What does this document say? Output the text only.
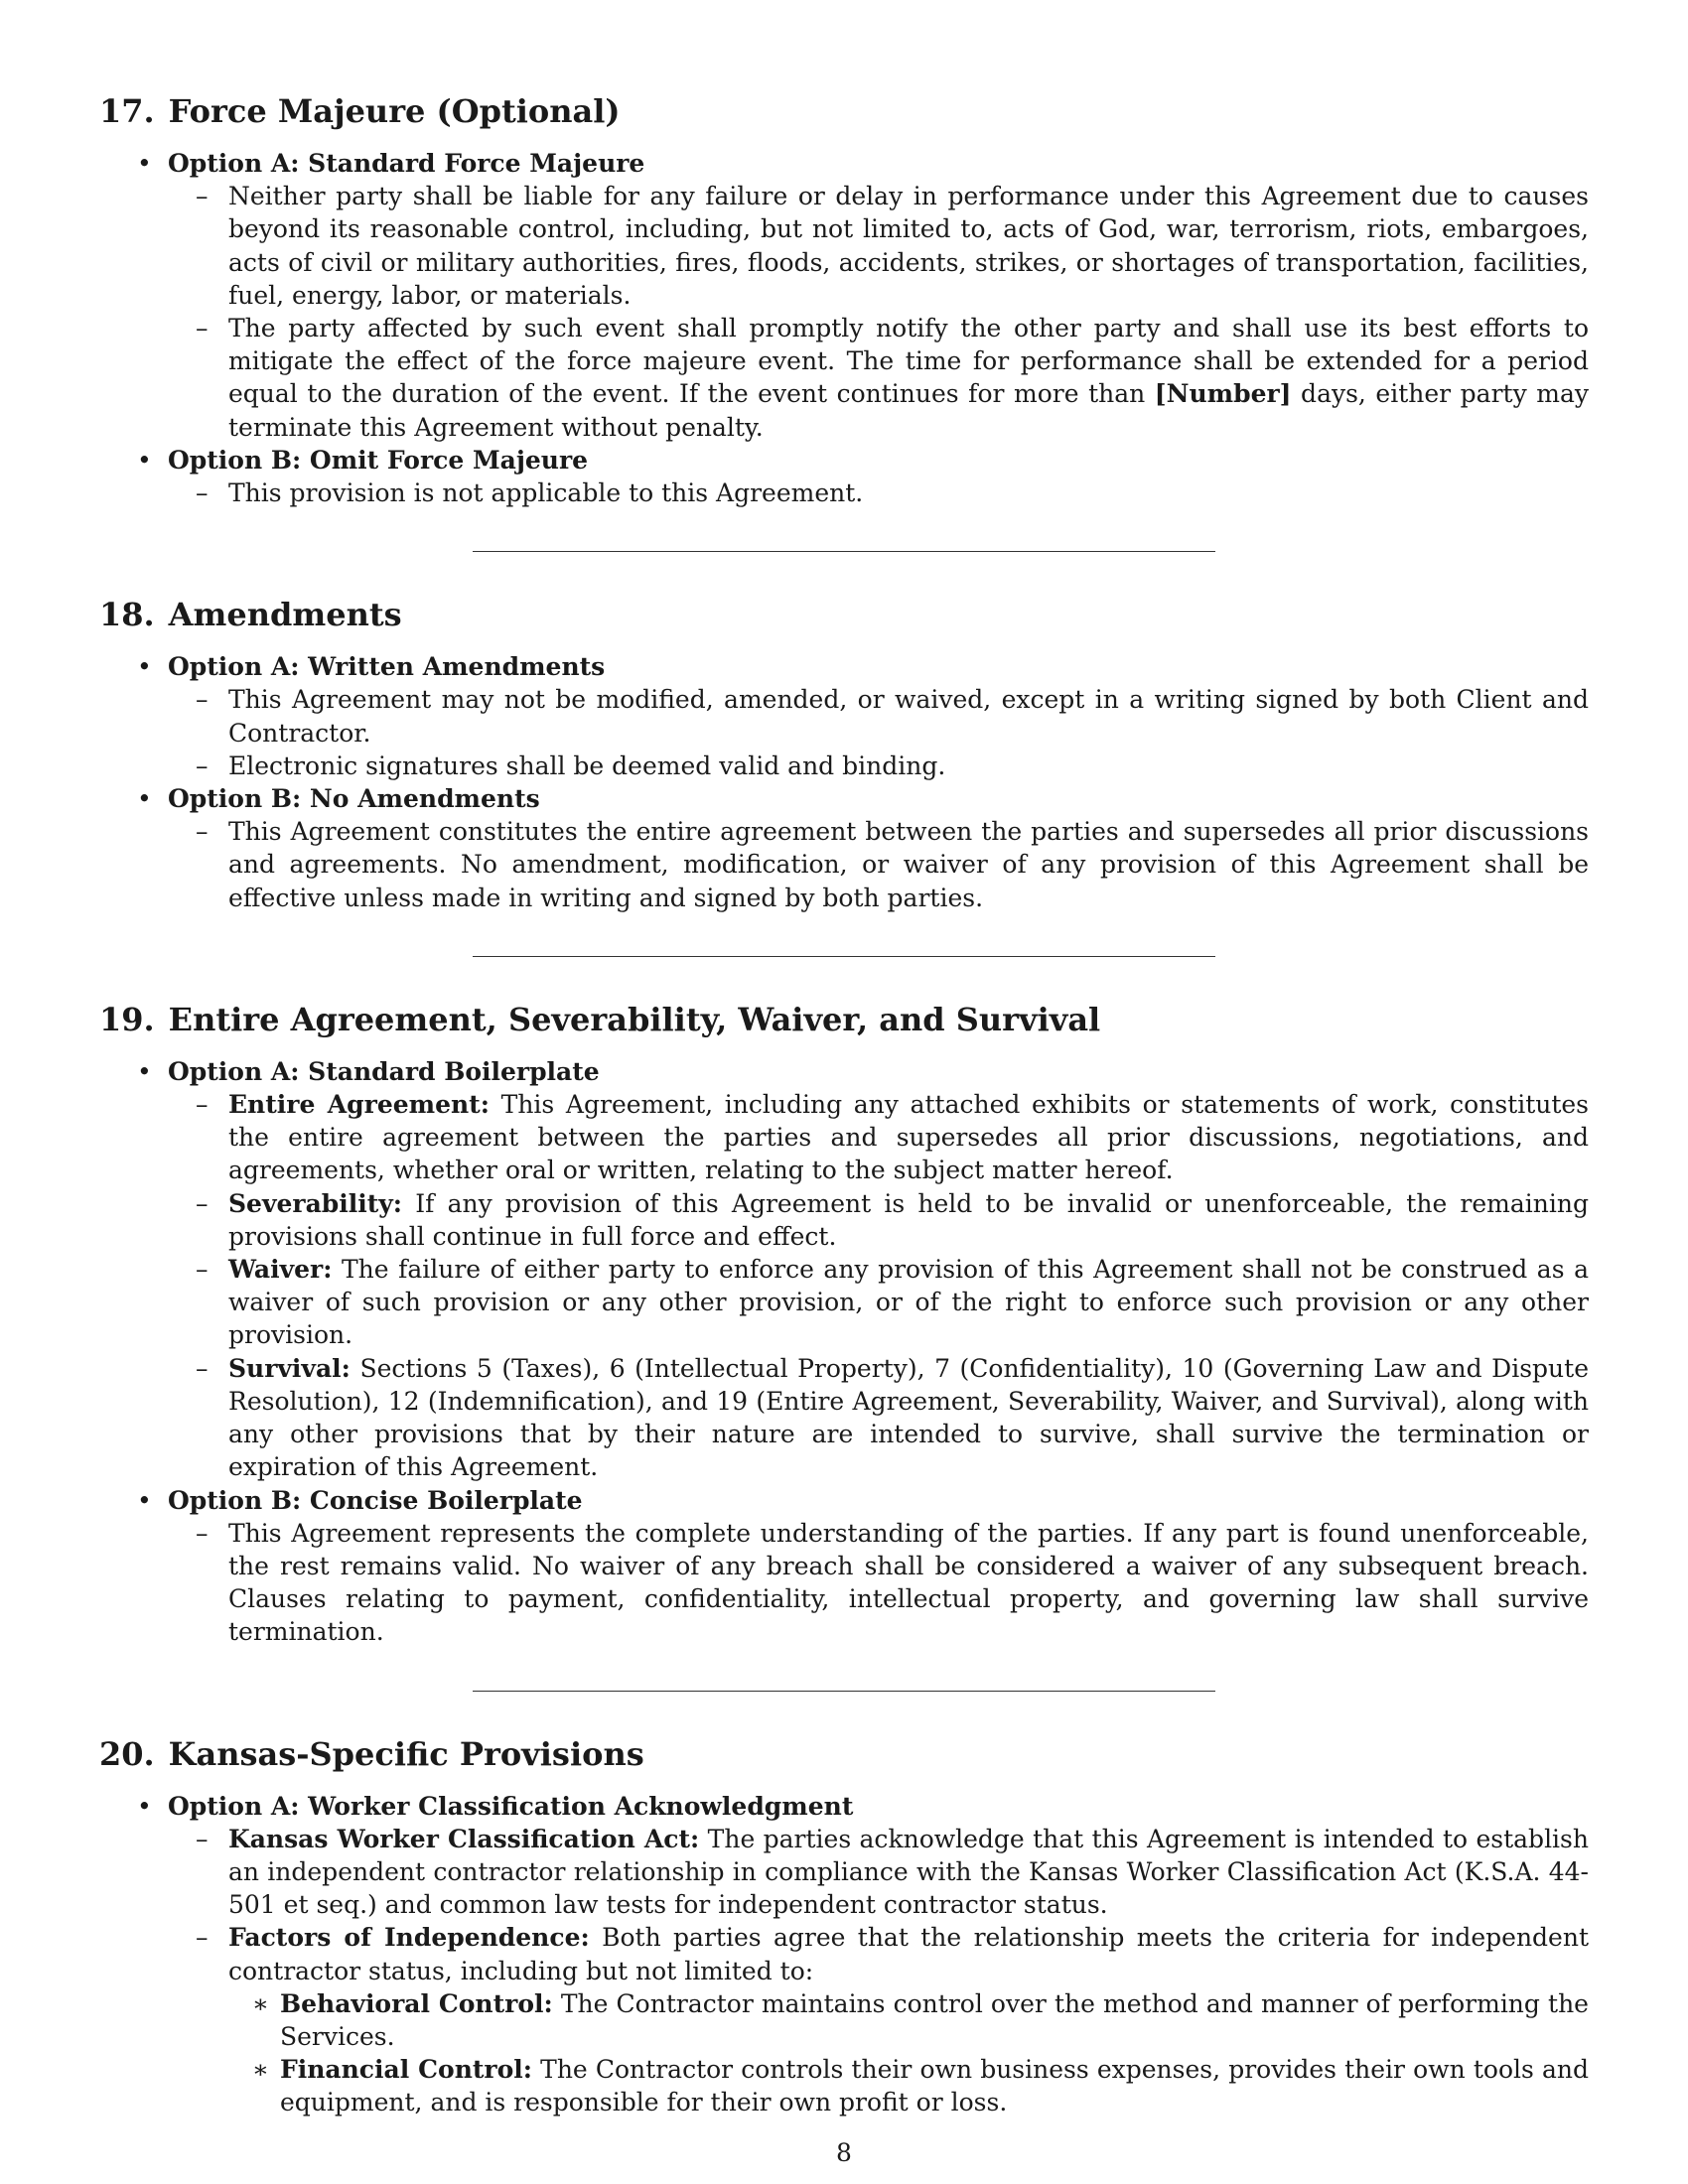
17. Force Majeure (Optional)
• Option A: Standard Force Majeure
– Neither party shall be liable for any failure or delay in performance under this Agreement due to causes beyond its reasonable control, including, but not limited to, acts of God, war, terrorism, riots, embargoes, acts of civil or military authorities, fires, floods, accidents, strikes, or shortages of transportation, facilities, fuel, energy, labor, or materials.
– The party affected by such event shall promptly notify the other party and shall use its best efforts to mitigate the effect of the force majeure event. The time for performance shall be extended for a period equal to the duration of the event. If the event continues for more than [Number] days, either party may terminate this Agreement without penalty.
• Option B: Omit Force Majeure
– This provision is not applicable to this Agreement.
18. Amendments
• Option A: Written Amendments
– This Agreement may not be modified, amended, or waived, except in a writing signed by both Client and Contractor.
– Electronic signatures shall be deemed valid and binding.
• Option B: No Amendments
– This Agreement constitutes the entire agreement between the parties and supersedes all prior discussions and agreements. No amendment, modification, or waiver of any provision of this Agreement shall be effective unless made in writing and signed by both parties.
19. Entire Agreement, Severability, Waiver, and Survival
• Option A: Standard Boilerplate
– Entire Agreement: This Agreement, including any attached exhibits or statements of work, constitutes the entire agreement between the parties and supersedes all prior discussions, negotiations, and agreements, whether oral or written, relating to the subject matter hereof.
– Severability: If any provision of this Agreement is held to be invalid or unenforceable, the remaining provisions shall continue in full force and effect.
– Waiver: The failure of either party to enforce any provision of this Agreement shall not be construed as a waiver of such provision or any other provision, or of the right to enforce such provision or any other provision.
– Survival: Sections 5 (Taxes), 6 (Intellectual Property), 7 (Confidentiality), 10 (Governing Law and Dispute Resolution), 12 (Indemnification), and 19 (Entire Agreement, Severability, Waiver, and Survival), along with any other provisions that by their nature are intended to survive, shall survive the termination or expiration of this Agreement.
• Option B: Concise Boilerplate
– This Agreement represents the complete understanding of the parties. If any part is found unenforceable, the rest remains valid. No waiver of any breach shall be considered a waiver of any subsequent breach. Clauses relating to payment, confidentiality, intellectual property, and governing law shall survive termination.
20. Kansas-Specific Provisions
• Option A: Worker Classification Acknowledgment
– Kansas Worker Classification Act: The parties acknowledge that this Agreement is intended to establish an independent contractor relationship in compliance with the Kansas Worker Classification Act (K.S.A. 44-501 et seq.) and common law tests for independent contractor status.
– Factors of Independence: Both parties agree that the relationship meets the criteria for independent contractor status, including but not limited to:
∗ Behavioral Control: The Contractor maintains control over the method and manner of performing the Services.
∗ Financial Control: The Contractor controls their own business expenses, provides their own tools and equipment, and is responsible for their own profit or loss.
8
